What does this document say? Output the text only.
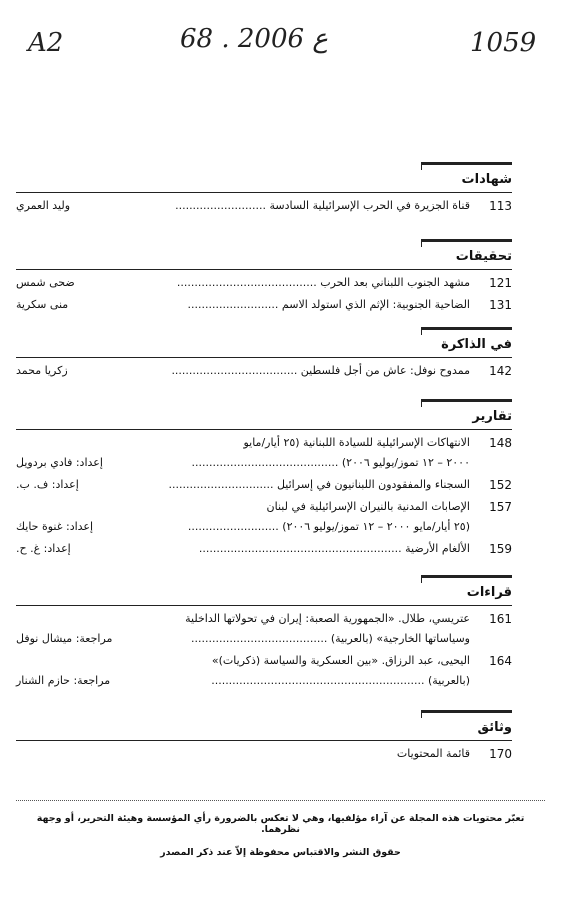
A2	68 . ع 2006	1059
شهادات
113
قناة الجزيرة في الحرب الإسرائيلية السادسة ..........................
وليد العمري
تحقيقات
121
مشهد الجنوب اللبناني بعد الحرب ........................................
ضحى شمس
131
الضاحية الجنوبية: الإثم الذي استولد الاسم ..........................
منى سكرية
في الذاكرة
142
ممدوح نوفل: عاش من أجل فلسطين ....................................
زكريا محمد
تقارير
148
الانتهاكات الإسرائيلية للسيادة اللبنانية (٢٥ أيار/مايو
٢٠٠٠ – ١٢ تموز/يوليو ٢٠٠٦) ..........................................
إعداد: فادي بردويل
152
السجناء والمفقودون اللبنانيون في إسرائيل ..............................
إعداد: ف. ب.
157
الإصابات المدنية بالنيران الإسرائيلية في لبنان
(٢٥ أيار/مايو ٢٠٠٠ – ١٢ تموز/يوليو ٢٠٠٦) ..........................
إعداد: غنوة حايك
159
الألغام الأرضية ..........................................................
إعداد: غ. ح.
قراءات
161
عتريسي، طلال. «الجمهورية الصعبة: إيران في تحولاتها الداخلية
وسياساتها الخارجية» (بالعربية) .......................................
مراجعة: ميشال نوفل
164
اليحيى، عبد الرزاق. «بين العسكرية والسياسة (ذكريات)»
(بالعربية) .............................................................
مراجعة: حازم الشنار
وثائق
170
قائمة المحتويات
تعبّر محتويات هذه المجلة عن آراء مؤلفيها، وهي لا تعكس بالضرورة رأي المؤسسة وهيئة التحرير، أو وجهة نظرهما.
حقوق النشر والاقتباس محفوظة إلاّ عند ذكر المصدر
